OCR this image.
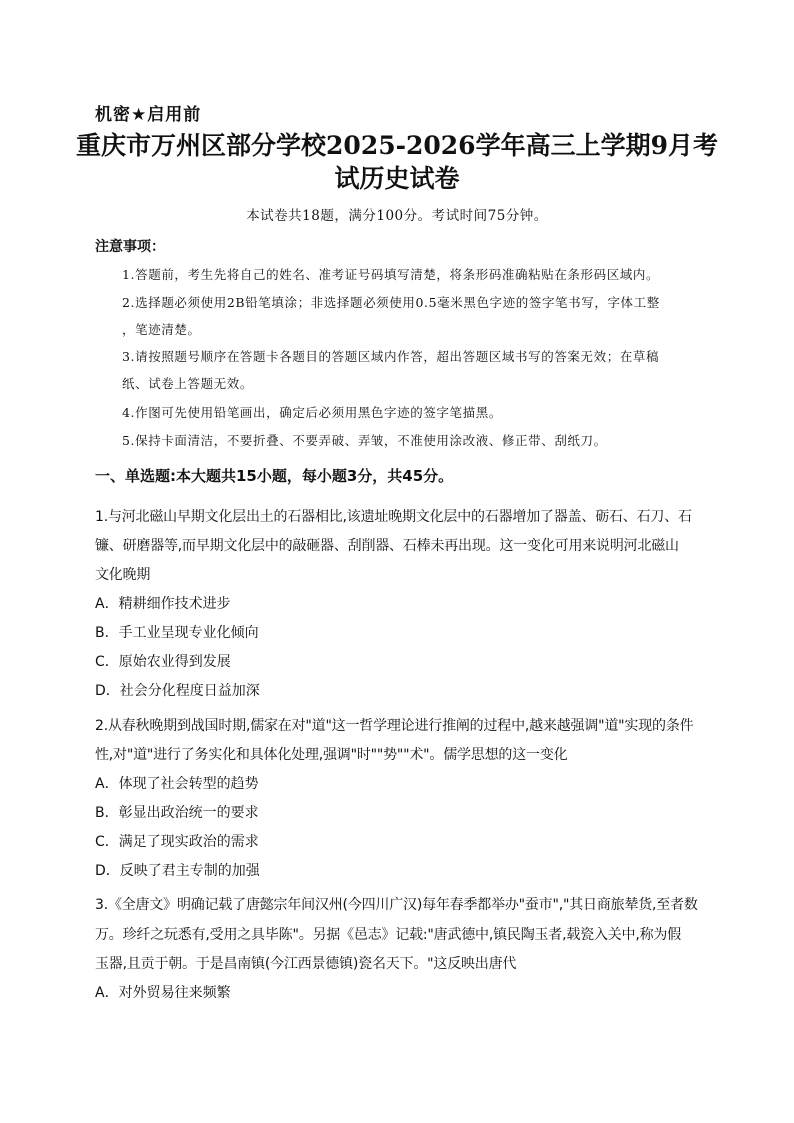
机密★启用前
重庆市万州区部分学校2025-2026学年高三上学期9月考
试历史试卷
本试卷共18题，满分100分。考试时间75分钟。
注意事项：
1.答题前，考生先将自己的姓名、准考证号码填写清楚，将条形码准确粘贴在条形码区域内。
2.选择题必须使用2B铅笔填涂；非选择题必须使用0.5毫米黑色字迹的签字笔书写，字体工整
，笔迹清楚。
3.请按照题号顺序在答题卡各题目的答题区域内作答，超出答题区域书写的答案无效；在草稿
纸、试卷上答题无效。
4.作图可先使用铅笔画出，确定后必须用黑色字迹的签字笔描黑。
5.保持卡面清洁，不要折叠、不要弄破、弄皱，不准使用涂改液、修正带、刮纸刀。
一、单选题:本大题共15小题，每小题3分，共45分。
1.与河北磁山早期文化层出土的石器相比,该遗址晚期文化层中的石器增加了器盖、砺石、石刀、石
镰、研磨器等,而早期文化层中的敲砸器、刮削器、石棒未再出现。这一变化可用来说明河北磁山
文化晚期
A．精耕细作技术进步
B．手工业呈现专业化倾向
C．原始农业得到发展
D．社会分化程度日益加深
2.从春秋晚期到战国时期,儒家在对"道"这一哲学理论进行推阐的过程中,越来越强调"道"实现的条件
性,对"道"进行了务实化和具体化处理,强调"时""势""术"。儒学思想的这一变化
A．体现了社会转型的趋势
B．彰显出政治统一的要求
C．满足了现实政治的需求
D．反映了君主专制的加强
3.《全唐文》明确记载了唐懿宗年间汉州(今四川广汉)每年春季都举办"蚕市","其日商旅辇货,至者数
万。珍纤之玩悉有,受用之具毕陈"。另据《邑志》记载:"唐武德中,镇民陶玉者,载瓷入关中,称为假
玉器,且贡于朝。于是昌南镇(今江西景德镇)瓷名天下。"这反映出唐代
A．对外贸易往来频繁
